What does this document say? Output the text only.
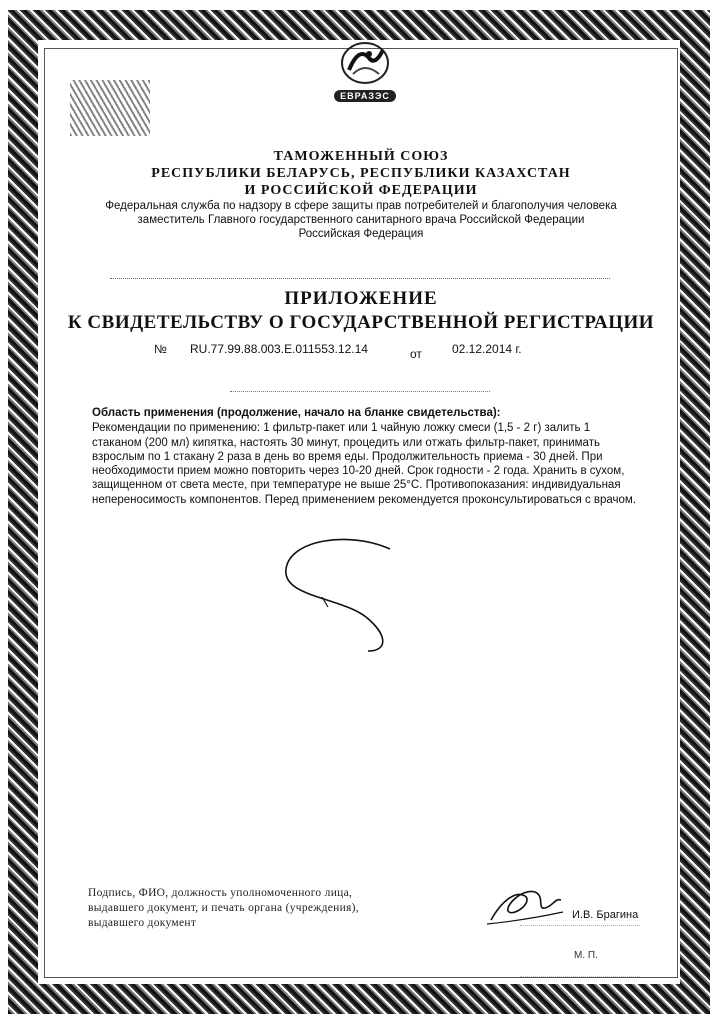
ЕВРАЗЭС
ТАМОЖЕННЫЙ СОЮЗ
РЕСПУБЛИКИ БЕЛАРУСЬ, РЕСПУБЛИКИ КАЗАХСТАН
И РОССИЙСКОЙ ФЕДЕРАЦИИ
Федеральная служба по надзору в сфере защиты прав потребителей и благополучия человека
заместитель Главного государственного санитарного врача Российской Федерации
Российская Федерация
ПРИЛОЖЕНИЕ
К СВИДЕТЕЛЬСТВУ О ГОСУДАРСТВЕННОЙ РЕГИСТРАЦИИ
№ RU.77.99.88.003.Е.011553.12.14	от	02.12.2014 г.
Область применения (продолжение, начало на бланке свидетельства):
Рекомендации по применению: 1 фильтр-пакет или 1 чайную ложку смеси (1,5 - 2 г) залить 1 стаканом (200 мл) кипятка, настоять 30 минут, процедить или отжать фильтр-пакет, принимать взрослым по 1 стакану 2 раза в день во время еды. Продолжительность приема - 30 дней. При необходимости прием можно повторить через 10-20 дней. Срок годности - 2 года. Хранить в сухом, защищенном от света месте, при температуре не выше 25°С. Противопоказания: индивидуальная непереносимость компонентов. Перед применением рекомендуется проконсультироваться с врачом.
Подпись, ФИО, должность уполномоченного лица, выдавшего документ, и печать органа (учреждения), выдавшего документ
И.В. Брагина
М. П.
